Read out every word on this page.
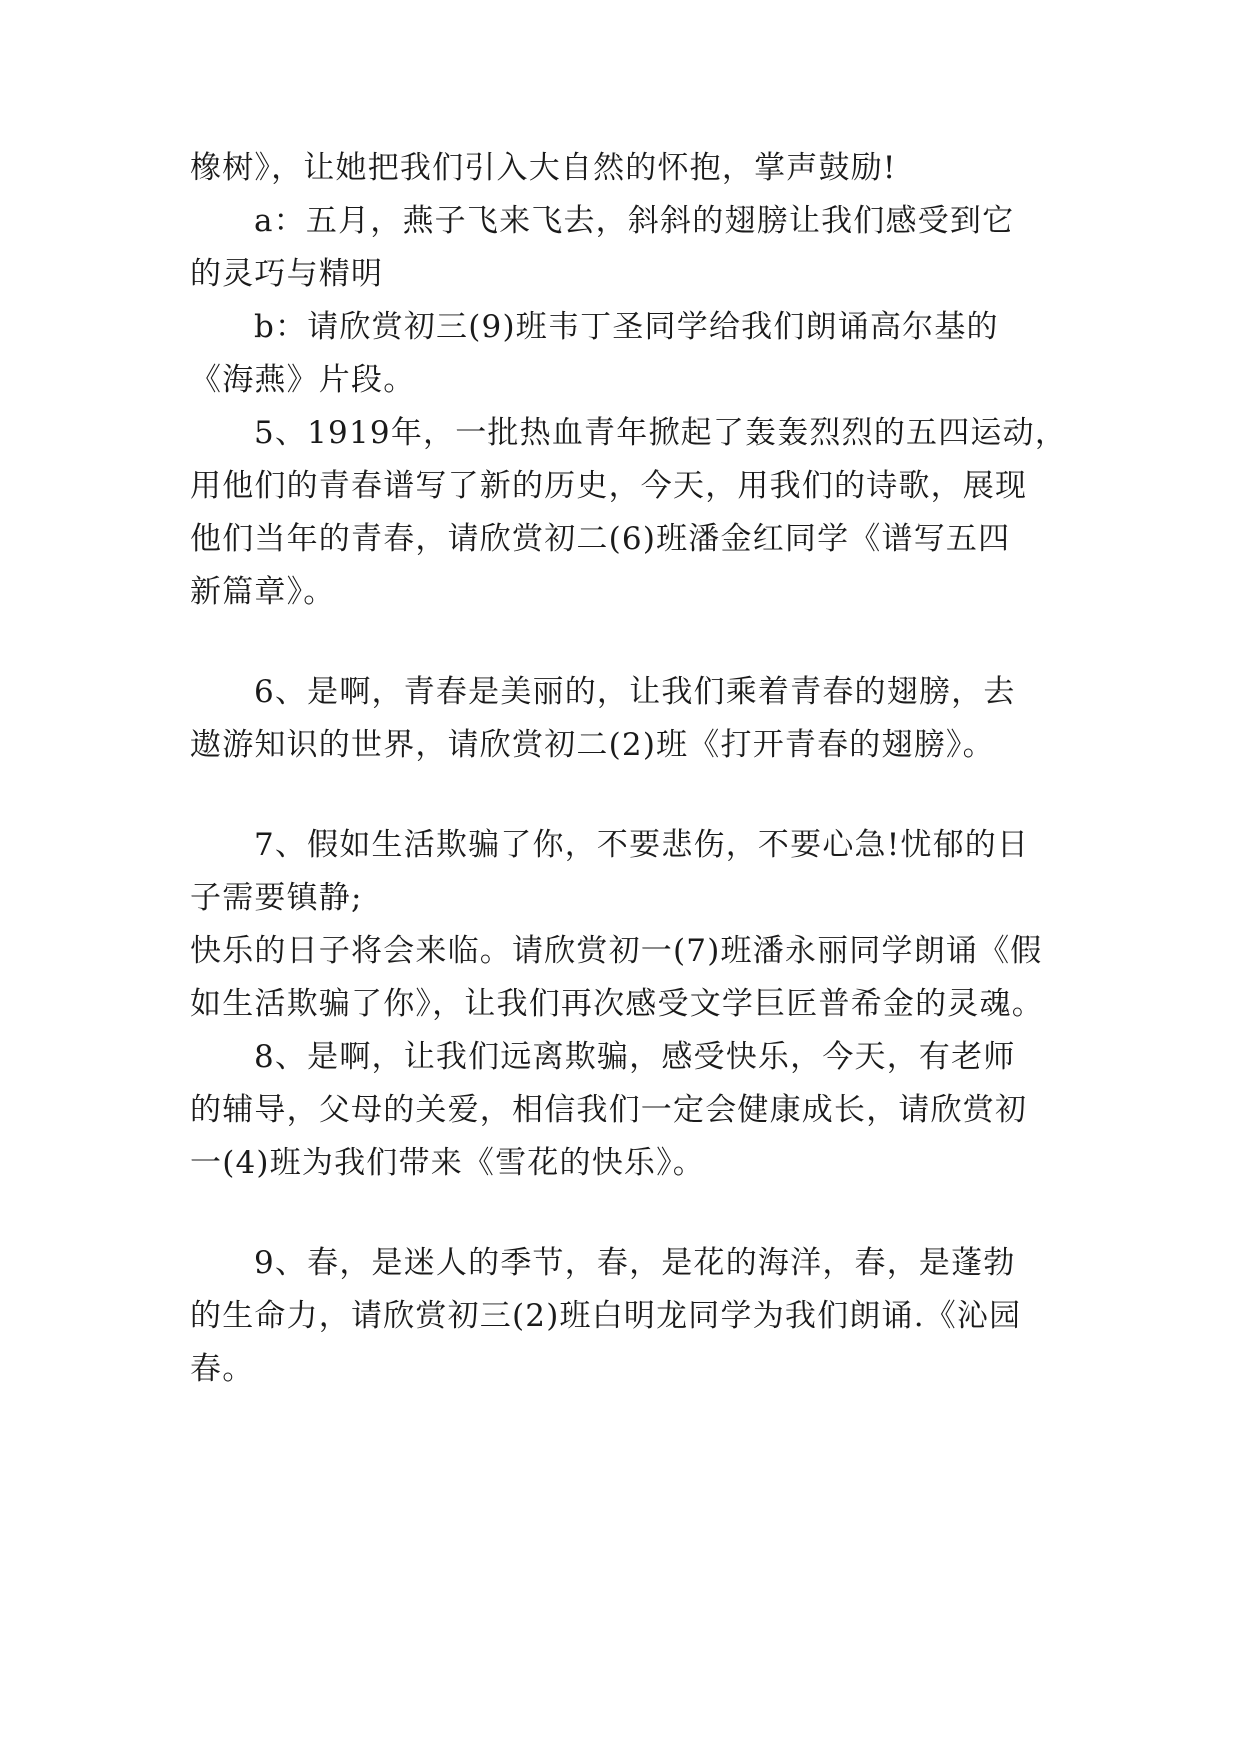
橡树》，让她把我们引入大自然的怀抱，掌声鼓励!
a：五月，燕子飞来飞去，斜斜的翅膀让我们感受到它
的灵巧与精明
b：请欣赏初三(9)班韦丁圣同学给我们朗诵高尔基的
《海燕》片段。
5、1919年，一批热血青年掀起了轰轰烈烈的五四运动，
用他们的青春谱写了新的历史，今天，用我们的诗歌，展现
他们当年的青春，请欣赏初二(6)班潘金红同学《谱写五四
新篇章》。
6、是啊，青春是美丽的，让我们乘着青春的翅膀，去
遨游知识的世界，请欣赏初二(2)班《打开青春的翅膀》。
7、假如生活欺骗了你，不要悲伤，不要心急!忧郁的日
子需要镇静;
快乐的日子将会来临。请欣赏初一(7)班潘永丽同学朗诵《假
如生活欺骗了你》，让我们再次感受文学巨匠普希金的灵魂。
8、是啊，让我们远离欺骗，感受快乐，今天，有老师
的辅导，父母的关爱，相信我们一定会健康成长，请欣赏初
一(4)班为我们带来《雪花的快乐》。
9、春，是迷人的季节，春，是花的海洋，春，是蓬勃
的生命力，请欣赏初三(2)班白明龙同学为我们朗诵.《沁园
春。
